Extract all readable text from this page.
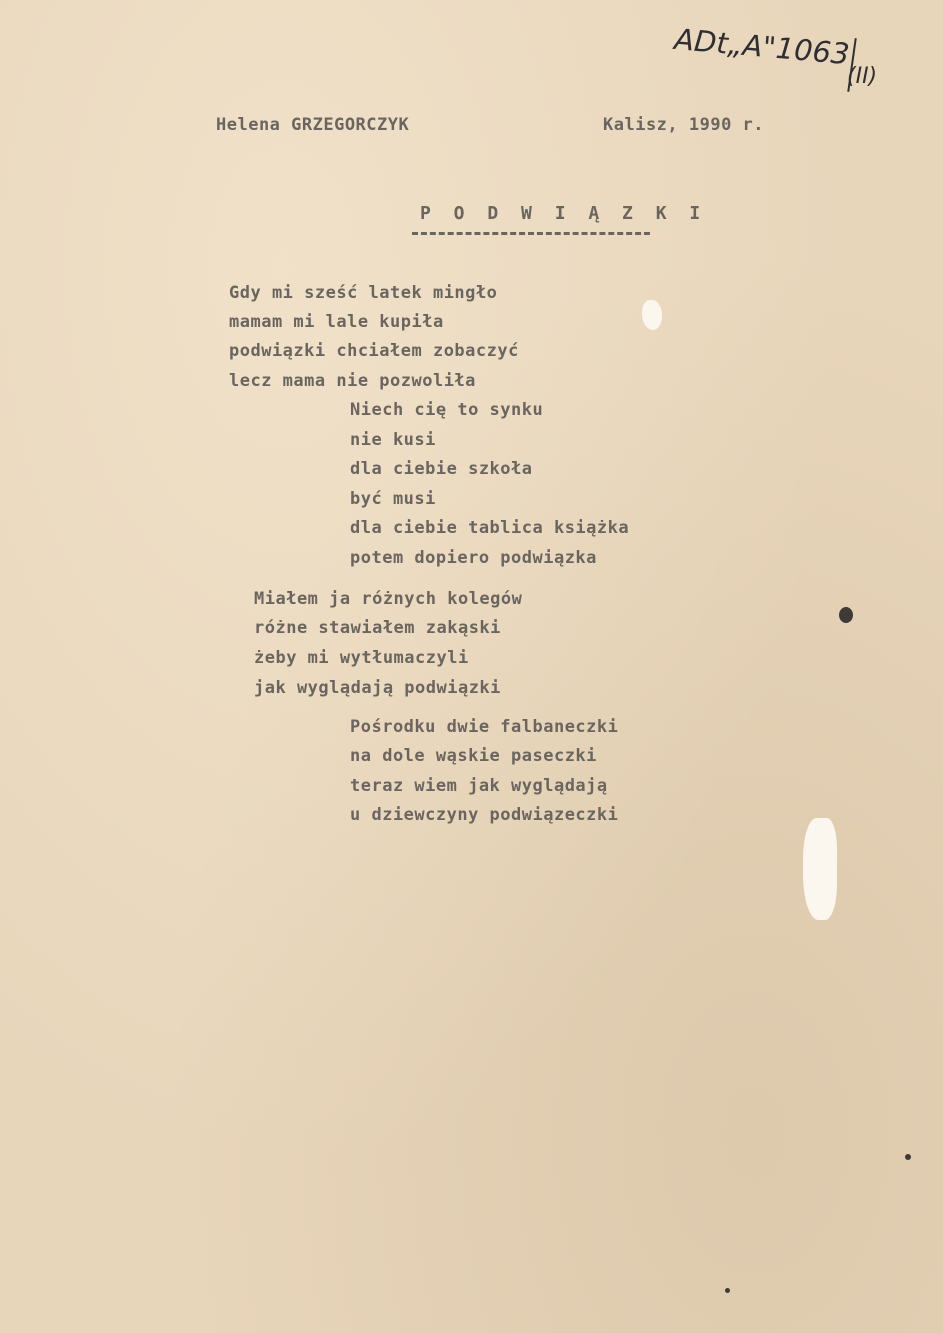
ADt„A"1063
(II)
Helena GRZEGORCZYK	Kalisz, 1990 r.
P O D W I Ą Z K I
Gdy mi sześć latek mingło
mamam mi lale kupiła
podwiązki chciałem zobaczyć
lecz mama nie pozwoliła
Niech cię to synku
nie kusi
dla ciebie szkoła
być musi
dla ciebie tablica książka
potem dopiero podwiązka
Miałem ja różnych kolegów
różne stawiałem zakąski
żeby mi wytłumaczyli
jak wyglądają podwiązki
Pośrodku dwie falbaneczki
na dole wąskie paseczki
teraz wiem jak wyglądają
u dziewczyny podwiązeczki
